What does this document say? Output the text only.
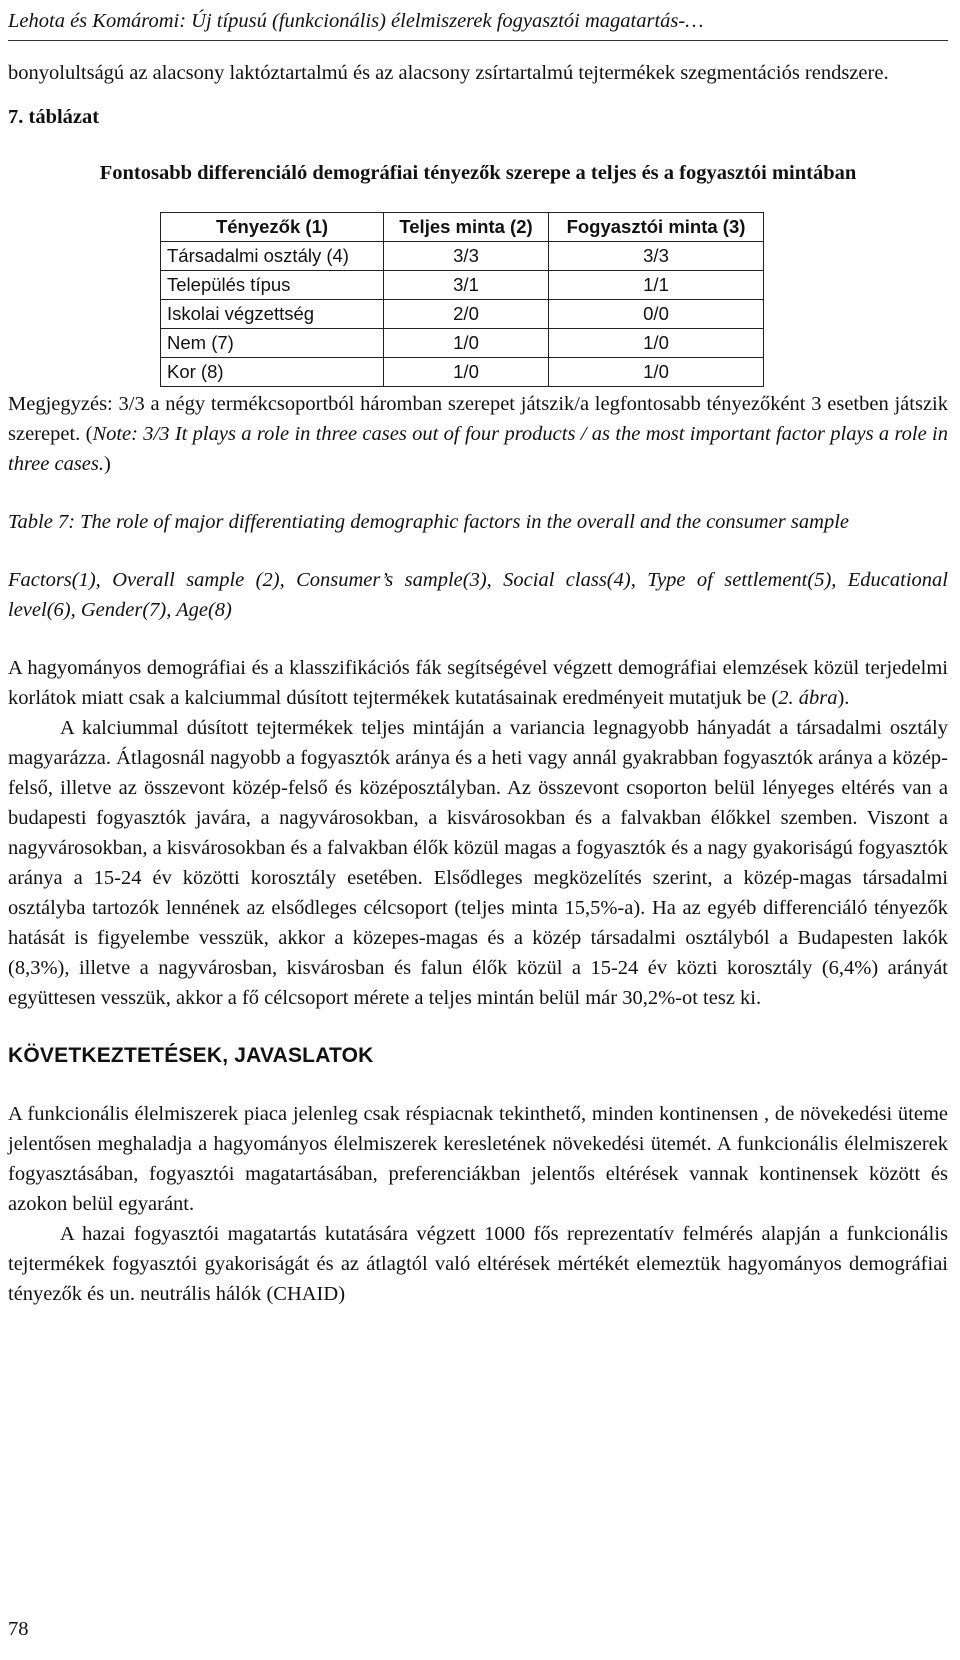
Lehota és Komáromi: Új típusú (funkcionális) élelmiszerek fogyasztói magatartás-…

bonyolultságú az alacsony laktóztartalmú és az alacsony zsírtartalmú tejtermékek szegmentációs rendszere.

7. táblázat

Fontosabb differenciáló demográfiai tényezők szerepe a teljes és a fogyasztói mintában

Tényezők (1)	Teljes minta (2)	Fogyasztói minta (3)
Társadalmi osztály (4)	3/3	3/3
Település típus	3/1	1/1
Iskolai végzettség	2/0	0/0
Nem (7)	1/0	1/0
Kor (8)	1/0	1/0

Megjegyzés: 3/3 a négy termékcsoportból háromban szerepet játszik/a legfontosabb tényezőként 3 esetben játszik szerepet. (Note: 3/3 It plays a role in three cases out of four products / as the most important factor plays a role in three cases.)

Table 7: The role of major differentiating demographic factors in the overall and the consumer sample

Factors(1), Overall sample (2), Consumer’s sample(3), Social class(4), Type of settlement(5), Educational level(6), Gender(7), Age(8)

A hagyományos demográfiai és a klasszifikációs fák segítségével végzett demográfiai elemzések közül terjedelmi korlátok miatt csak a kalciummal dúsított tejtermékek kutatásainak eredményeit mutatjuk be (2. ábra).

A kalciummal dúsított tejtermékek teljes mintáján a variancia legnagyobb hányadát a társadalmi osztály magyarázza. Átlagosnál nagyobb a fogyasztók aránya és a heti vagy annál gyakrabban fogyasztók aránya a közép-felső, illetve az összevont közép-felső és középosztályban. Az összevont csoporton belül lényeges eltérés van a budapesti fogyasztók javára, a nagyvárosokban, a kisvárosokban és a falvakban élőkkel szemben. Viszont a nagyvárosokban, a kisvárosokban és a falvakban élők közül magas a fogyasztók és a nagy gyakoriságú fogyasztók aránya a 15-24 év közötti korosztály esetében. Elsődleges megközelítés szerint, a közép-magas társadalmi osztályba tartozók lennének az elsődleges célcsoport (teljes minta 15,5%-a). Ha az egyéb differenciáló tényezők hatását is figyelembe vesszük, akkor a közepes-magas és a közép társadalmi osztályból a Budapesten lakók (8,3%), illetve a nagyvárosban, kisvárosban és falun élők közül a 15-24 év közti korosztály (6,4%) arányát együttesen vesszük, akkor a fő célcsoport mérete a teljes mintán belül már 30,2%-ot tesz ki.

KÖVETKEZTETÉSEK, JAVASLATOK

A funkcionális élelmiszerek piaca jelenleg csak réspiacnak tekinthető, minden kontinensen , de növekedési üteme jelentősen meghaladja a hagyományos élelmiszerek keresletének növekedési ütemét. A funkcionális élelmiszerek fogyasztásában, fogyasztói magatartásában, preferenciákban jelentős eltérések vannak kontinensek között és azokon belül egyaránt.

A hazai fogyasztói magatartás kutatására végzett 1000 fős reprezentatív felmérés alapján a funkcionális tejtermékek fogyasztói gyakoriságát és az átlagtól való eltérések mértékét elemeztük hagyományos demográfiai tényezők és un. neutrális hálók (CHAID)

78
